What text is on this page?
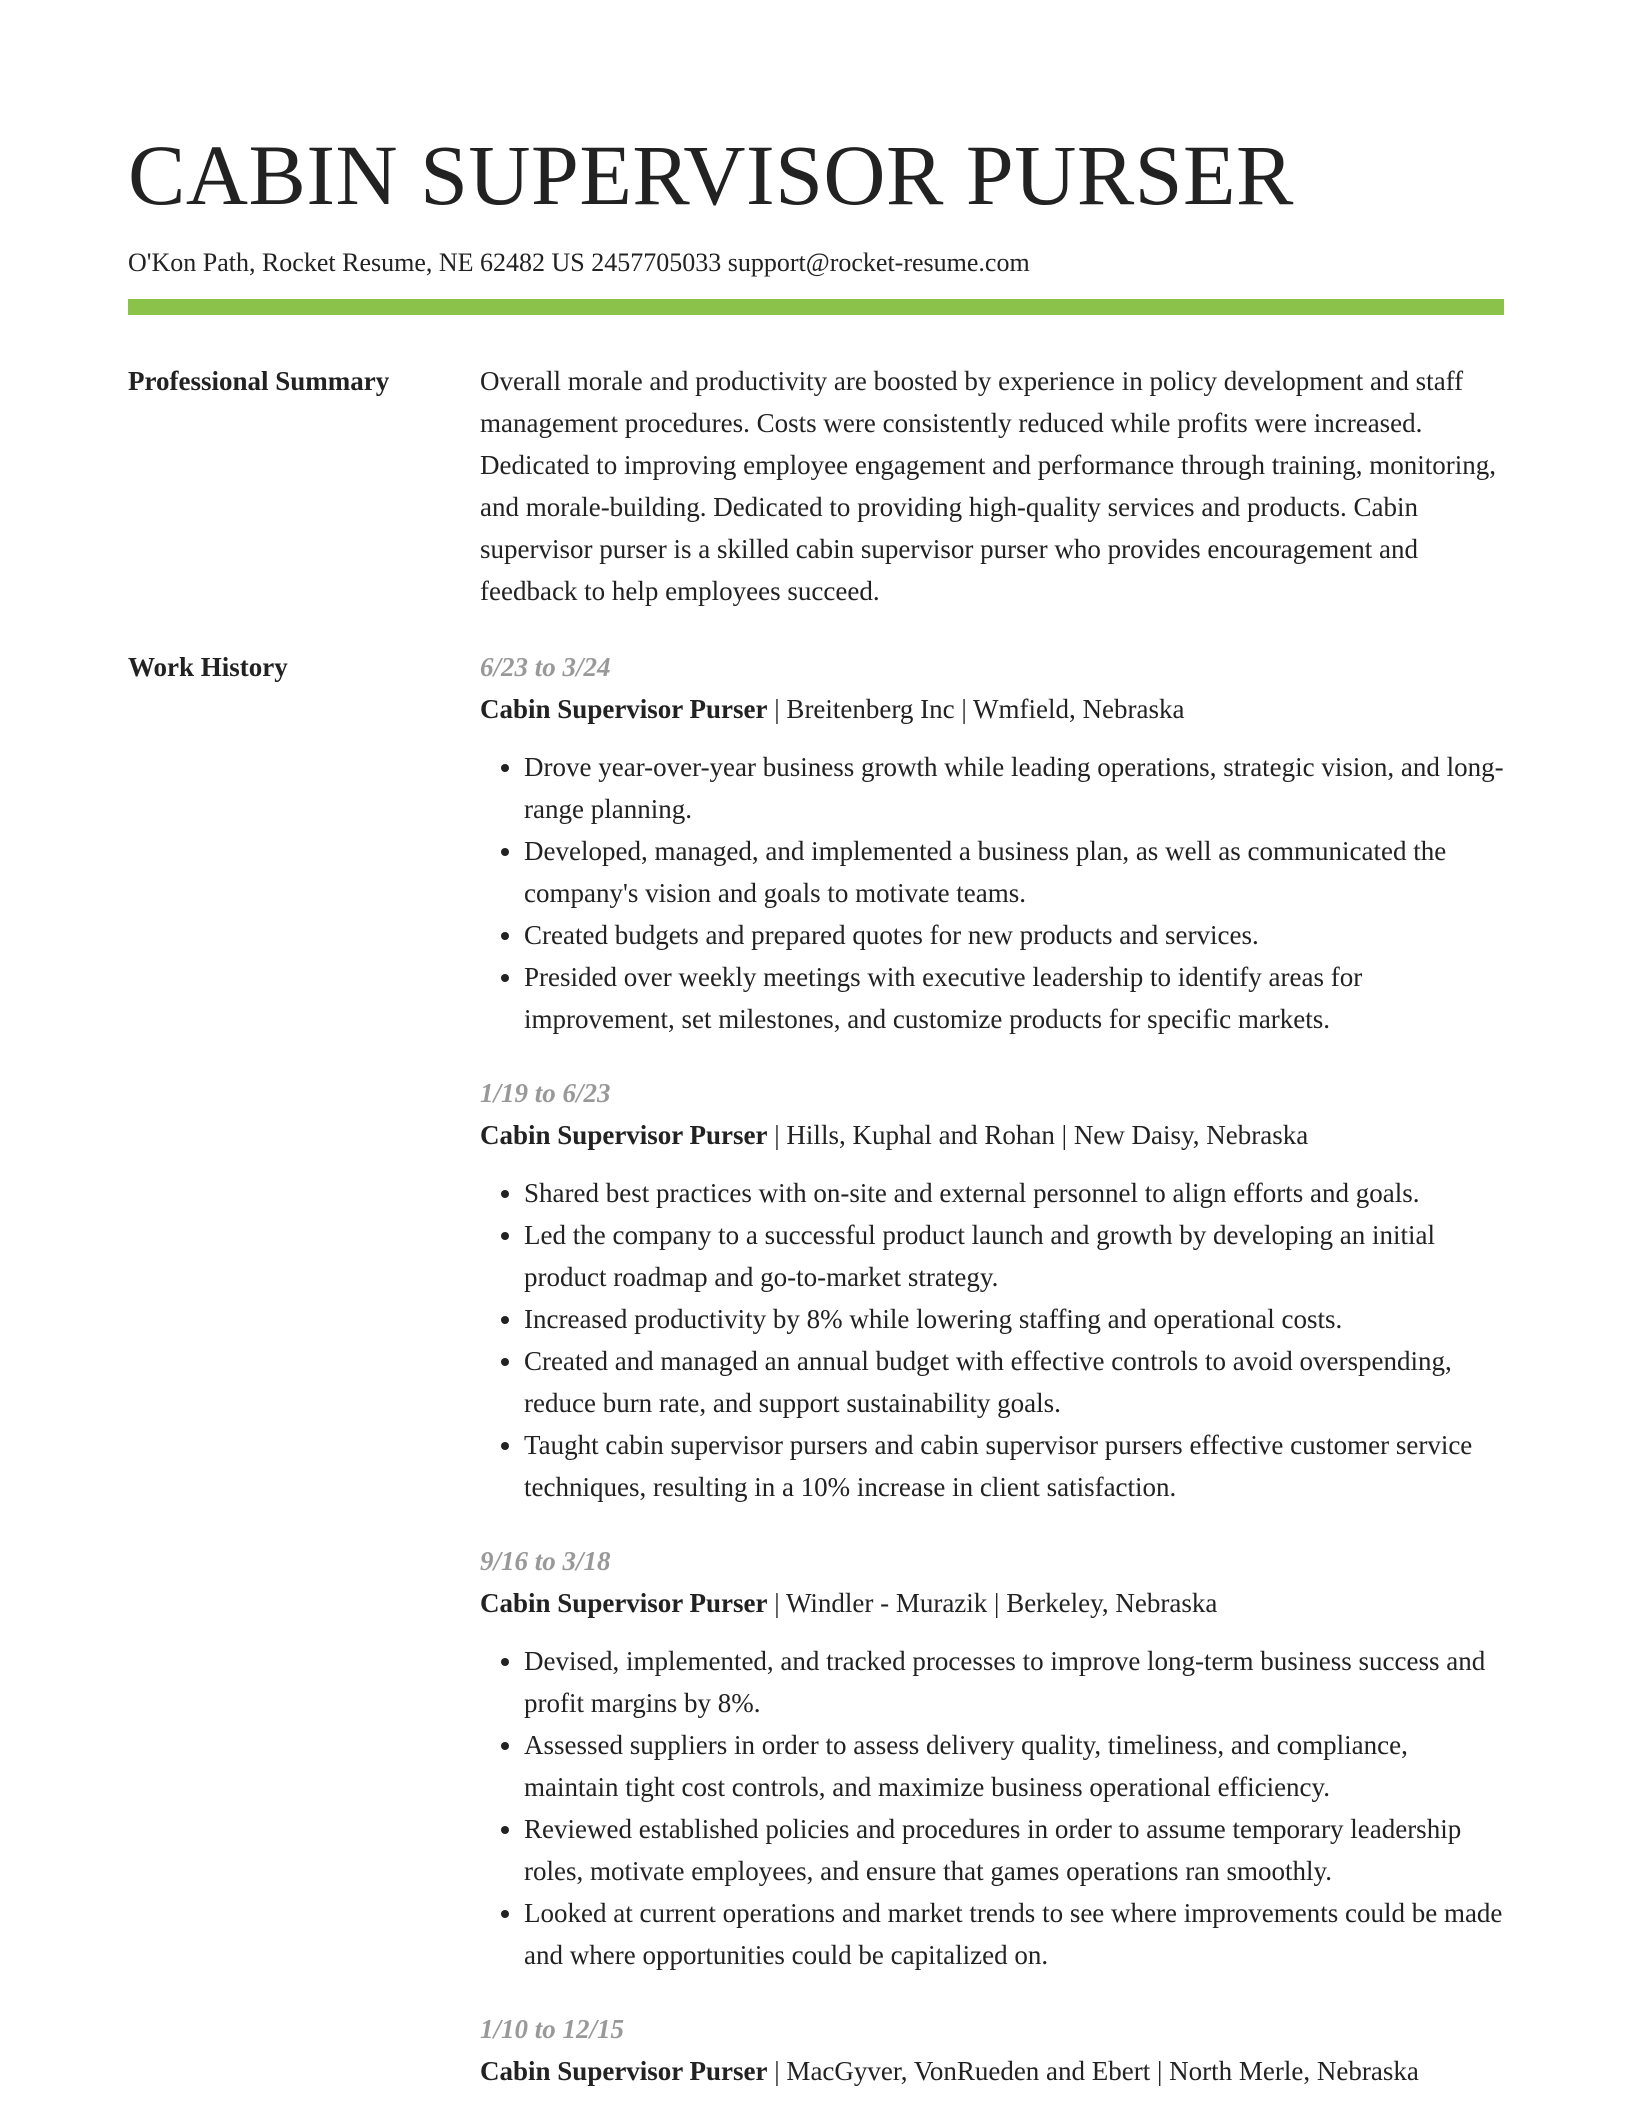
CABIN SUPERVISOR PURSER
O'Kon Path, Rocket Resume, NE 62482 US 2457705033 support@rocket-resume.com
Professional Summary	Overall morale and productivity are boosted by experience in policy development and staff management procedures. Costs were consistently reduced while profits were increased. Dedicated to improving employee engagement and performance through training, monitoring, and morale-building. Dedicated to providing high-quality services and products. Cabin supervisor purser is a skilled cabin supervisor purser who provides encouragement and feedback to help employees succeed.

Work History	6/23 to 3/24
Cabin Supervisor Purser | Breitenberg Inc | Wmfield, Nebraska
• Drove year-over-year business growth while leading operations, strategic vision, and long-range planning.
• Developed, managed, and implemented a business plan, as well as communicated the company's vision and goals to motivate teams.
• Created budgets and prepared quotes for new products and services.
• Presided over weekly meetings with executive leadership to identify areas for improvement, set milestones, and customize products for specific markets.
1/19 to 6/23
Cabin Supervisor Purser | Hills, Kuphal and Rohan | New Daisy, Nebraska
• Shared best practices with on-site and external personnel to align efforts and goals.
• Led the company to a successful product launch and growth by developing an initial product roadmap and go-to-market strategy.
• Increased productivity by 8% while lowering staffing and operational costs.
• Created and managed an annual budget with effective controls to avoid overspending, reduce burn rate, and support sustainability goals.
• Taught cabin supervisor pursers and cabin supervisor pursers effective customer service techniques, resulting in a 10% increase in client satisfaction.
9/16 to 3/18
Cabin Supervisor Purser | Windler - Murazik | Berkeley, Nebraska
• Devised, implemented, and tracked processes to improve long-term business success and profit margins by 8%.
• Assessed suppliers in order to assess delivery quality, timeliness, and compliance, maintain tight cost controls, and maximize business operational efficiency.
• Reviewed established policies and procedures in order to assume temporary leadership roles, motivate employees, and ensure that games operations ran smoothly.
• Looked at current operations and market trends to see where improvements could be made and where opportunities could be capitalized on.
1/10 to 12/15
Cabin Supervisor Purser | MacGyver, VonRueden and Ebert | North Merle, Nebraska
